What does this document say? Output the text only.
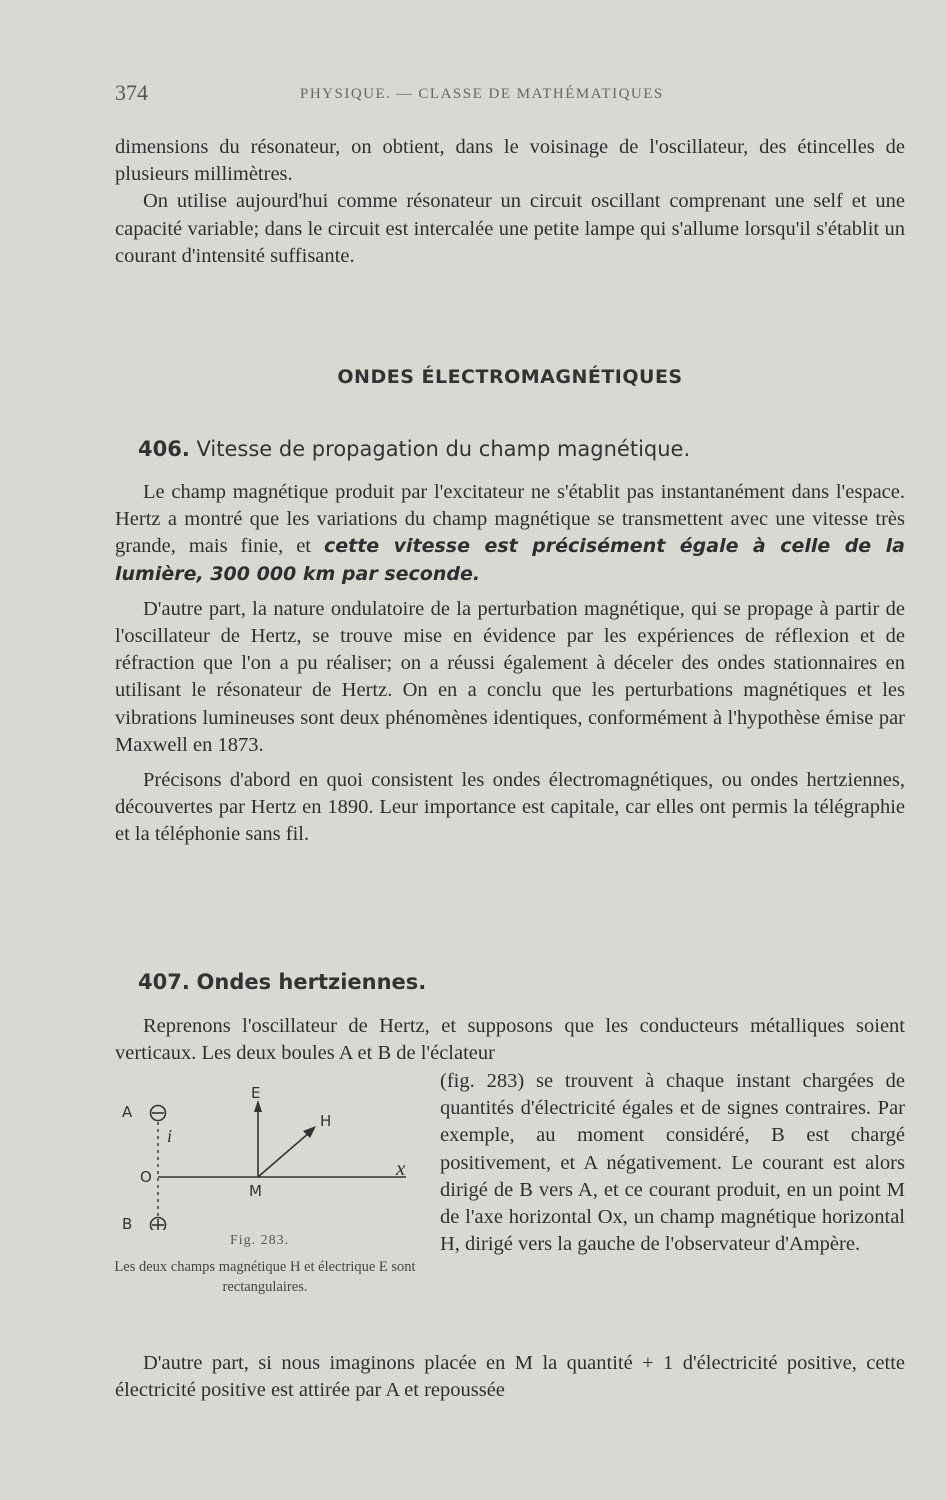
374	PHYSIQUE. — CLASSE DE MATHÉMATIQUES

dimensions du résonateur, on obtient, dans le voisinage de l'oscillateur, des étincelles de plusieurs millimètres.

On utilise aujourd'hui comme résonateur un circuit oscillant comprenant une self et une capacité variable; dans le circuit est intercalée une petite lampe qui s'allume lorsqu'il s'établit un courant d'intensité suffisante.

ONDES ÉLECTROMAGNÉTIQUES
406. Vitesse de propagation du champ magnétique.

Le champ magnétique produit par l'excitateur ne s'établit pas instantanément dans l'espace. Hertz a montré que les variations du champ magnétique se transmettent avec une vitesse très grande, mais finie, et cette vitesse est précisément égale à celle de la lumière, 300 000 km par seconde.

D'autre part, la nature ondulatoire de la perturbation magnétique, qui se propage à partir de l'oscillateur de Hertz, se trouve mise en évidence par les expériences de réflexion et de réfraction que l'on a pu réaliser; on a réussi également à déceler des ondes stationnaires en utilisant le résonateur de Hertz. On en a conclu que les perturbations magnétiques et les vibrations lumineuses sont deux phénomènes identiques, conformément à l'hypothèse émise par Maxwell en 1873.

Précisons d'abord en quoi consistent les ondes électromagnétiques, ou ondes hertziennes, découvertes par Hertz en 1890. Leur importance est capitale, car elles ont permis la télégraphie et la téléphonie sans fil.

407. Ondes hertziennes.

Reprenons l'oscillateur de Hertz, et supposons que les conducteurs métalliques soient verticaux. Les deux boules A et B de l'éclateur

A
B
O
M
E
H
i
x
Fig. 283.
Les deux champs magnétique H et électrique E sont rectangulaires.

(fig. 283) se trouvent à chaque instant chargées de quantités d'électricité égales et de signes contraires. Par exemple, au moment considéré, B est chargé positivement, et A négativement. Le courant est alors dirigé de B vers A, et ce courant produit, en un point M de l'axe horizontal Ox, un champ magnétique horizontal H, dirigé vers la gauche de l'observateur d'Ampère.

D'autre part, si nous imaginons placée en M la quantité + 1 d'électricité positive, cette électricité positive est attirée par A et repoussée
